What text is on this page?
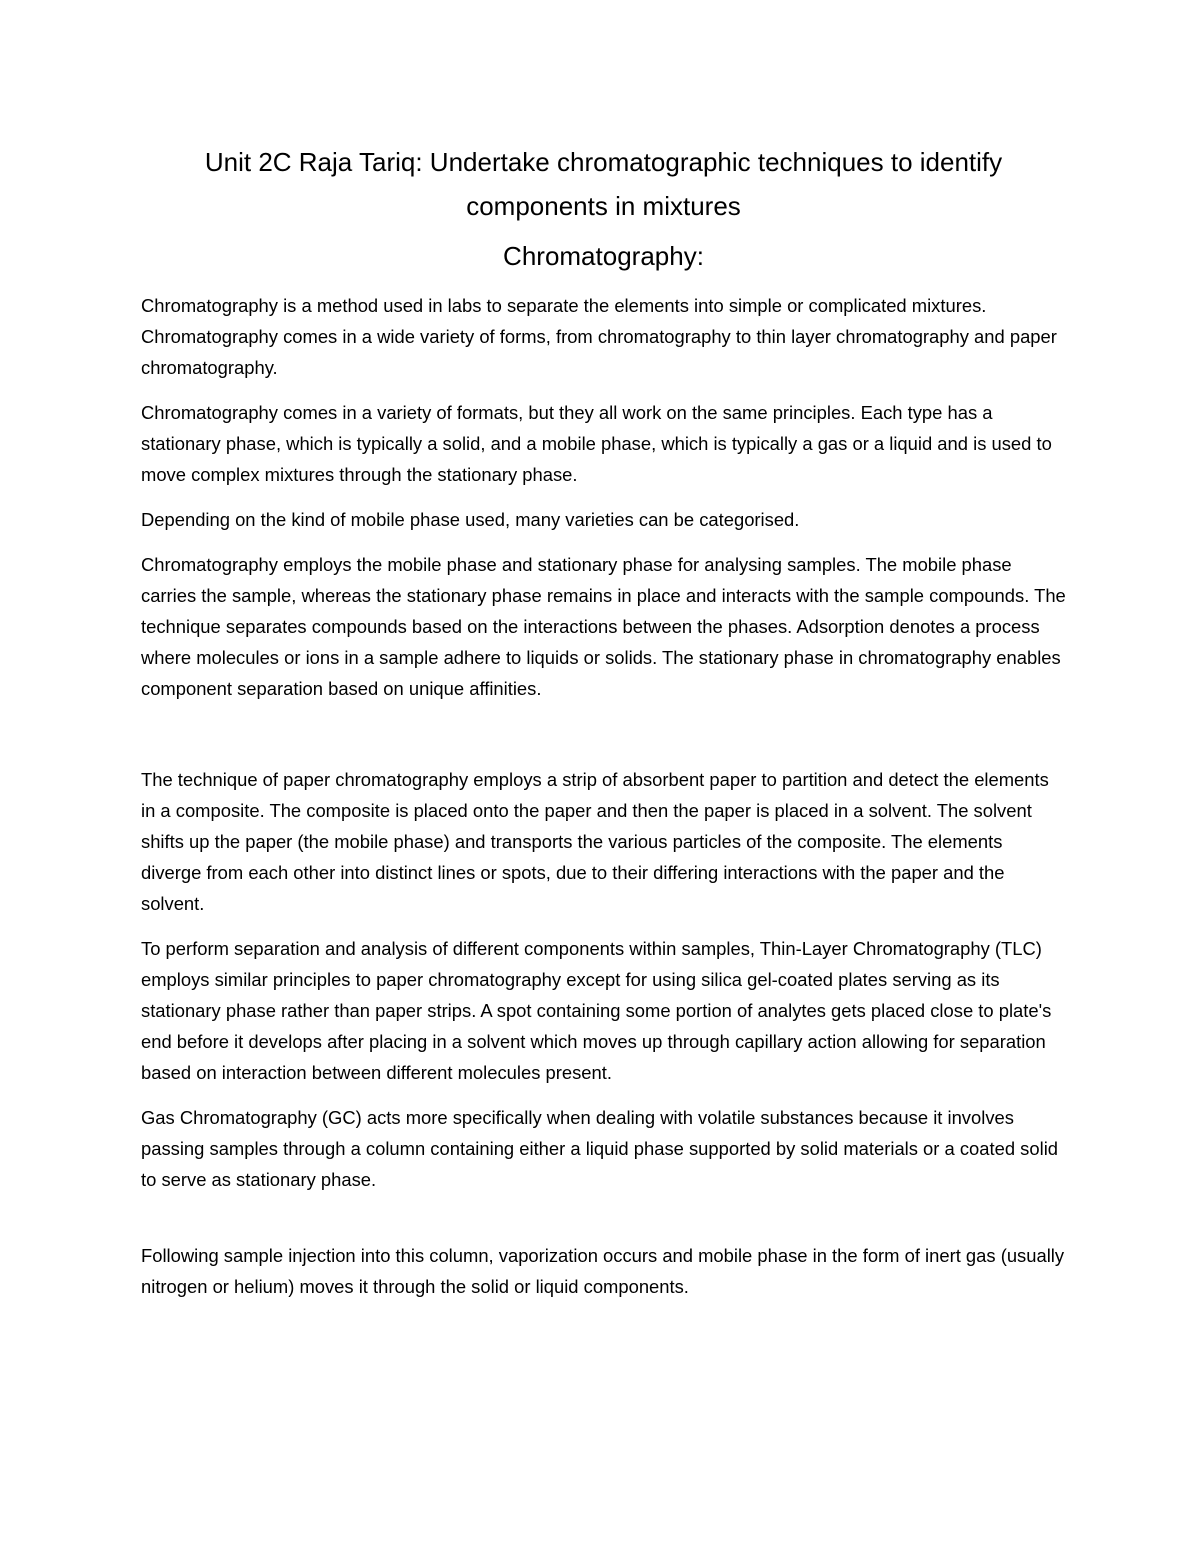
Unit 2C Raja Tariq: Undertake chromatographic techniques to identify components in mixtures
Chromatography:

Chromatography is a method used in labs to separate the elements into simple or complicated mixtures. Chromatography comes in a wide variety of forms, from chromatography to thin layer chromatography and paper chromatography.

Chromatography comes in a variety of formats, but they all work on the same principles. Each type has a stationary phase, which is typically a solid, and a mobile phase, which is typically a gas or a liquid and is used to move complex mixtures through the stationary phase.

Depending on the kind of mobile phase used, many varieties can be categorised.

Chromatography employs the mobile phase and stationary phase for analysing samples. The mobile phase carries the sample, whereas the stationary phase remains in place and interacts with the sample compounds. The technique separates compounds based on the interactions between the phases. Adsorption denotes a process where molecules or ions in a sample adhere to liquids or solids. The stationary phase in chromatography enables component separation based on unique affinities.

The technique of paper chromatography employs a strip of absorbent paper to partition and detect the elements in a composite. The composite is placed onto the paper and then the paper is placed in a solvent. The solvent shifts up the paper (the mobile phase) and transports the various particles of the composite. The elements diverge from each other into distinct lines or spots, due to their differing interactions with the paper and the solvent.

To perform separation and analysis of different components within samples, Thin-Layer Chromatography (TLC) employs similar principles to paper chromatography except for using silica gel-coated plates serving as its stationary phase rather than paper strips. A spot containing some portion of analytes gets placed close to plate's end before it develops after placing in a solvent which moves up through capillary action allowing for separation based on interaction between different molecules present.

Gas Chromatography (GC) acts more specifically when dealing with volatile substances because it involves passing samples through a column containing either a liquid phase supported by solid materials or a coated solid to serve as stationary phase.

Following sample injection into this column, vaporization occurs and mobile phase in the form of inert gas (usually nitrogen or helium) moves it through the solid or liquid components.
